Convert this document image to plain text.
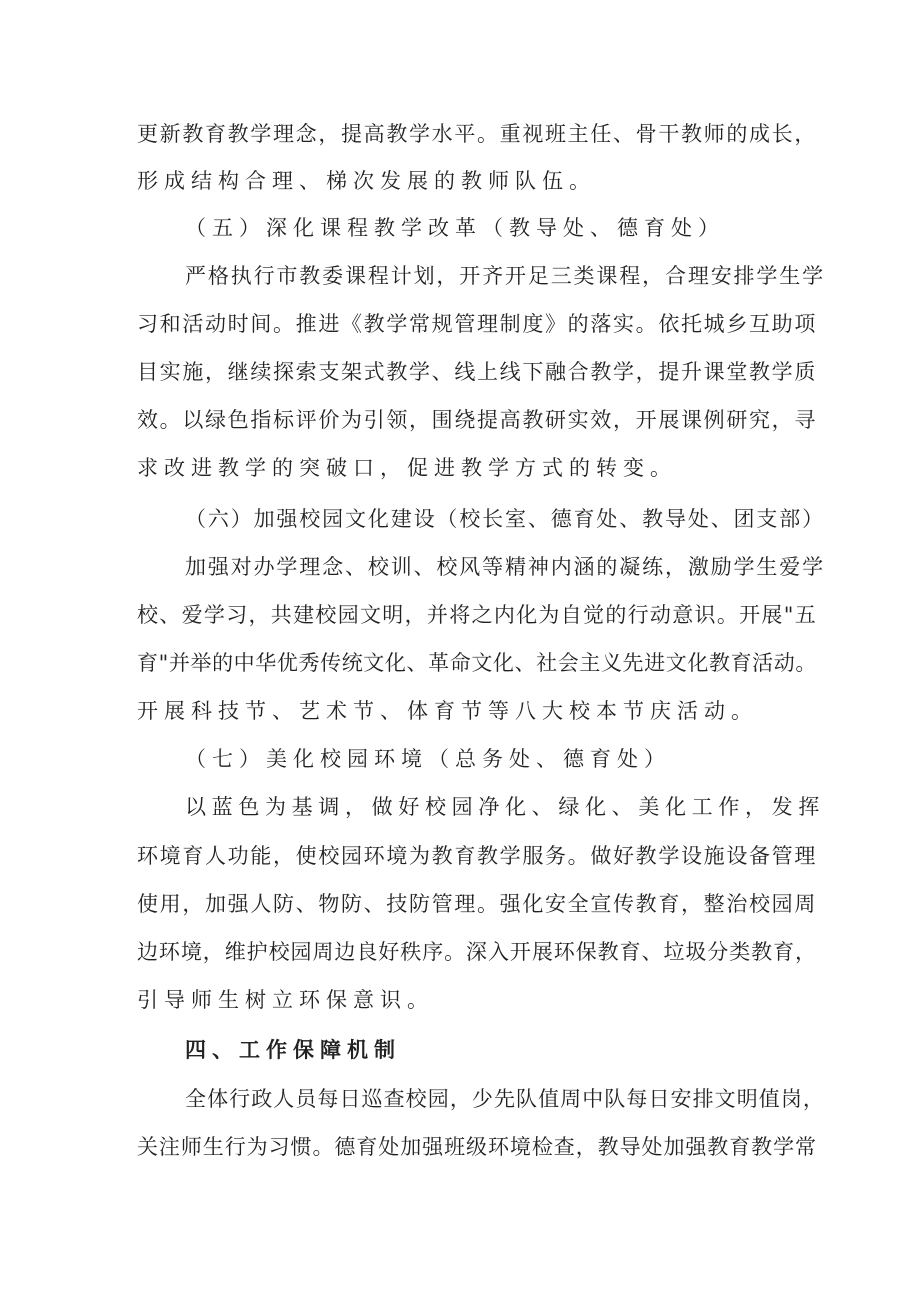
更新教育教学理念，提高教学水平。重视班主任、骨干教师的成长，
形成结构合理、梯次发展的教师队伍。
（五）深化课程教学改革（教导处、德育处）
严格执行市教委课程计划，开齐开足三类课程，合理安排学生学
习和活动时间。推进《教学常规管理制度》的落实。依托城乡互助项
目实施，继续探索支架式教学、线上线下融合教学，提升课堂教学质
效。以绿色指标评价为引领，围绕提高教研实效，开展课例研究，寻
求改进教学的突破口，促进教学方式的转变。
（六）加强校园文化建设（校长室、德育处、教导处、团支部）
加强对办学理念、校训、校风等精神内涵的凝练，激励学生爱学
校、爱学习，共建校园文明，并将之内化为自觉的行动意识。开展"五
育"并举的中华优秀传统文化、革命文化、社会主义先进文化教育活动。
开展科技节、艺术节、体育节等八大校本节庆活动。
（七）美化校园环境（总务处、德育处）
以蓝色为基调，做好校园净化、绿化、美化工作，发挥
环境育人功能，使校园环境为教育教学服务。做好教学设施设备管理
使用，加强人防、物防、技防管理。强化安全宣传教育，整治校园周
边环境，维护校园周边良好秩序。深入开展环保教育、垃圾分类教育，
引导师生树立环保意识。
四、工作保障机制
全体行政人员每日巡查校园，少先队值周中队每日安排文明值岗，
关注师生行为习惯。德育处加强班级环境检查，教导处加强教育教学常
